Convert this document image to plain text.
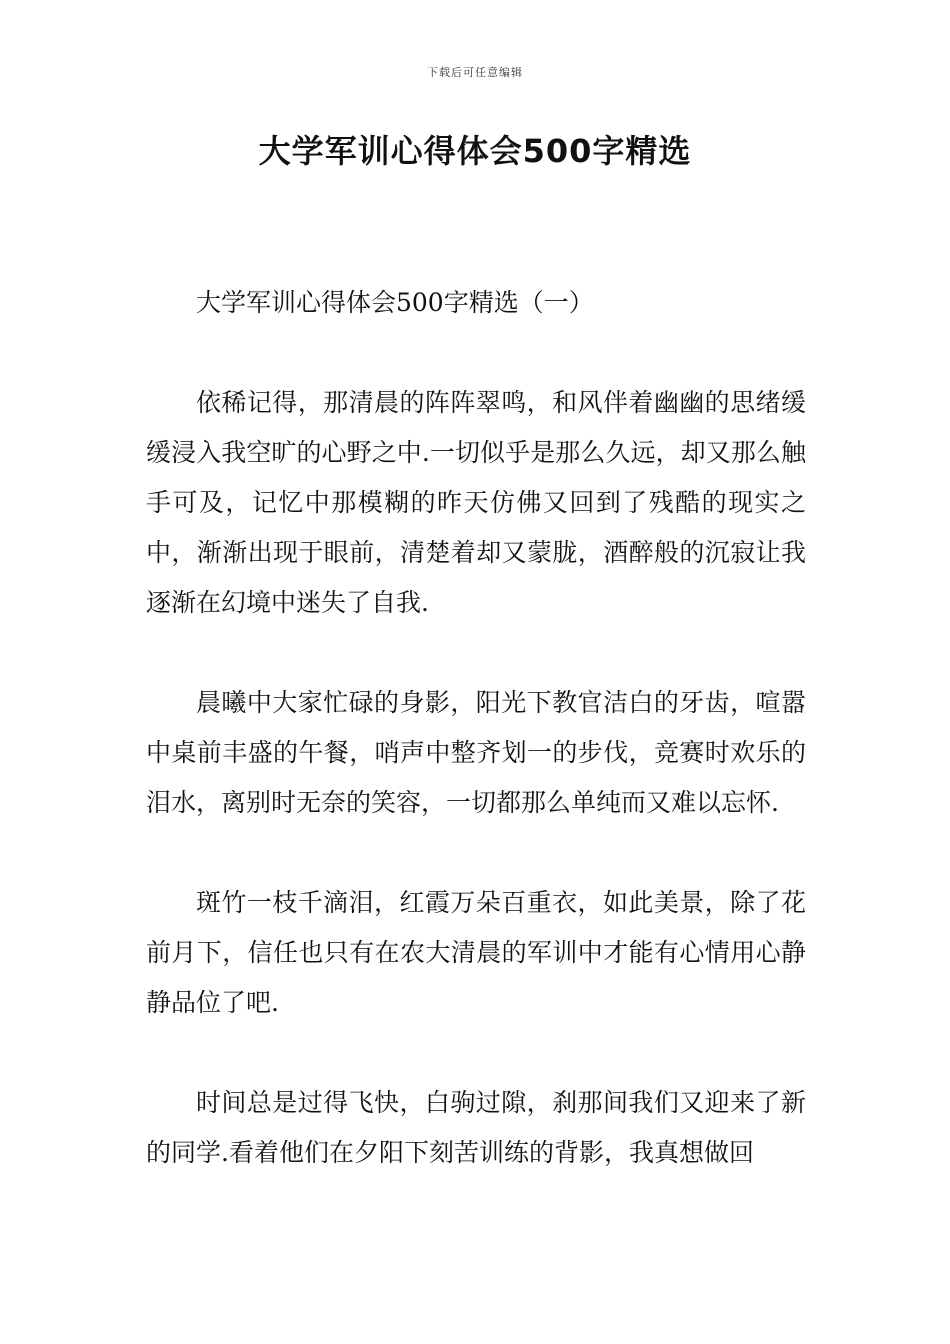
下载后可任意编辑
大学军训心得体会500字精选

大学军训心得体会500字精选（一）

依稀记得，那清晨的阵阵翠鸣，和风伴着幽幽的思绪缓缓浸入我空旷的心野之中.一切似乎是那么久远，却又那么触手可及，记忆中那模糊的昨天仿佛又回到了残酷的现实之中，渐渐出现于眼前，清楚着却又蒙胧，酒醉般的沉寂让我逐渐在幻境中迷失了自我.

晨曦中大家忙碌的身影，阳光下教官洁白的牙齿，喧嚣中桌前丰盛的午餐，哨声中整齐划一的步伐，竞赛时欢乐的泪水，离别时无奈的笑容，一切都那么单纯而又难以忘怀.

斑竹一枝千滴泪，红霞万朵百重衣，如此美景，除了花前月下，信任也只有在农大清晨的军训中才能有心情用心静静品位了吧.

时间总是过得飞快，白驹过隙，刹那间我们又迎来了新的同学.看着他们在夕阳下刻苦训练的背影，我真想做回
